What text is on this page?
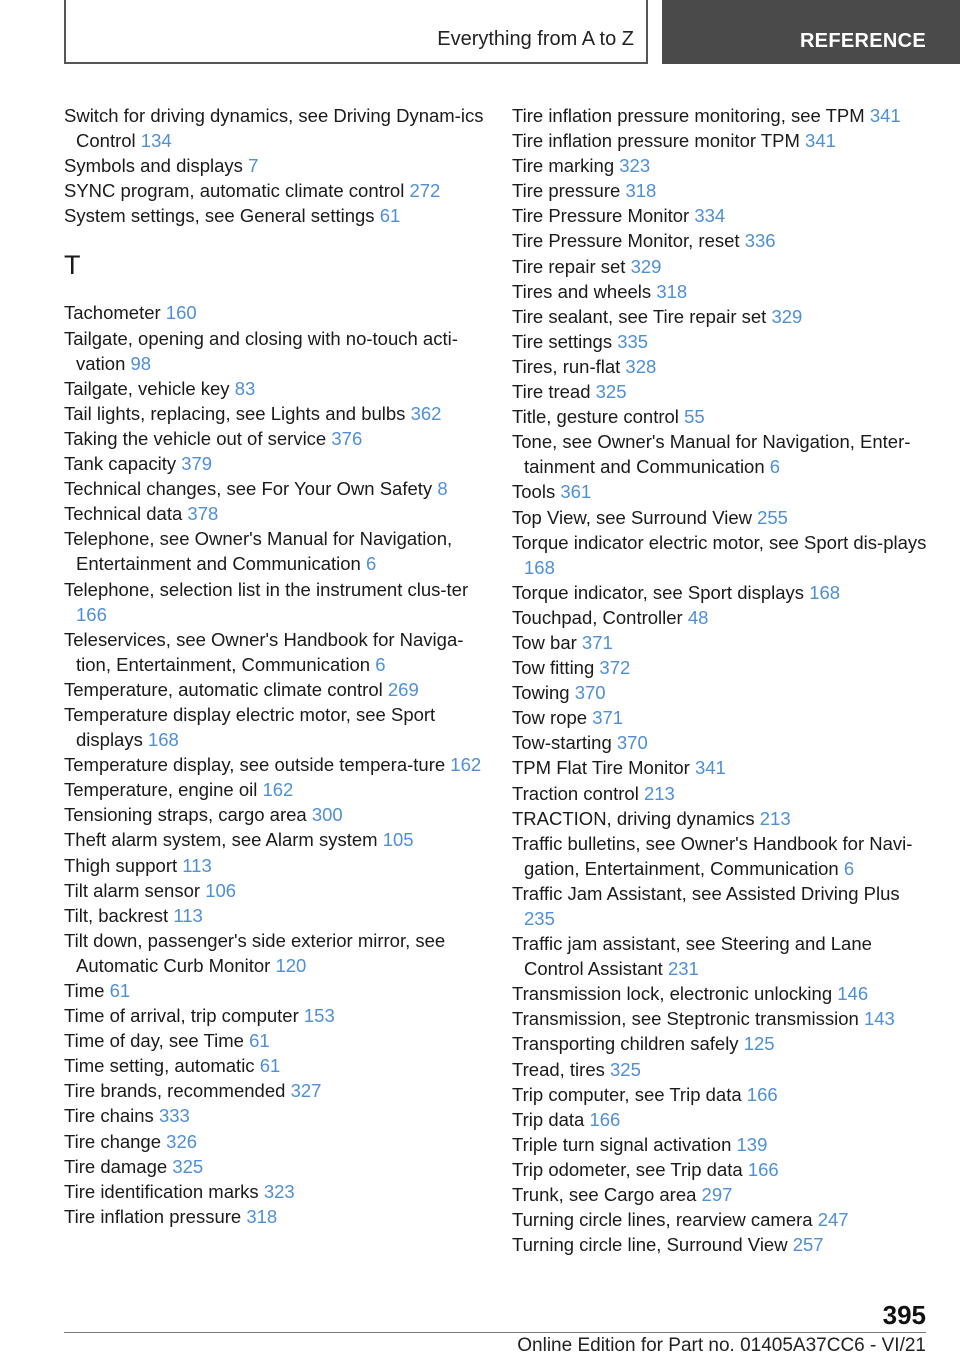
Everything from A to Z	REFERENCE

Switch for driving dynamics, see Driving Dynam-ics Control 134

Symbols and displays 7

SYNC program, automatic climate control 272

System settings, see General settings 61

T

Tachometer 160

Tailgate, opening and closing with no-touch acti-vation 98

Tailgate, vehicle key 83

Tail lights, replacing, see Lights and bulbs 362

Taking the vehicle out of service 376

Tank capacity 379

Technical changes, see For Your Own Safety 8

Technical data 378

Telephone, see Owner's Manual for Navigation, Entertainment and Communication 6

Telephone, selection list in the instrument clus-ter 166

Teleservices, see Owner's Handbook for Naviga-tion, Entertainment, Communication 6

Temperature, automatic climate control 269

Temperature display electric motor, see Sport displays 168

Temperature display, see outside tempera-ture 162

Temperature, engine oil 162

Tensioning straps, cargo area 300

Theft alarm system, see Alarm system 105

Thigh support 113

Tilt alarm sensor 106

Tilt, backrest 113

Tilt down, passenger's side exterior mirror, see Automatic Curb Monitor 120

Time 61

Time of arrival, trip computer 153

Time of day, see Time 61

Time setting, automatic 61

Tire brands, recommended 327

Tire chains 333

Tire change 326

Tire damage 325

Tire identification marks 323

Tire inflation pressure 318

Tire inflation pressure monitoring, see TPM 341

Tire inflation pressure monitor TPM 341

Tire marking 323

Tire pressure 318

Tire Pressure Monitor 334

Tire Pressure Monitor, reset 336

Tire repair set 329

Tires and wheels 318

Tire sealant, see Tire repair set 329

Tire settings 335

Tires, run-flat 328

Tire tread 325

Title, gesture control 55

Tone, see Owner's Manual for Navigation, Enter-tainment and Communication 6

Tools 361

Top View, see Surround View 255

Torque indicator electric motor, see Sport dis-plays 168

Torque indicator, see Sport displays 168

Touchpad, Controller 48

Tow bar 371

Tow fitting 372

Towing 370

Tow rope 371

Tow-starting 370

TPM Flat Tire Monitor 341

Traction control 213

TRACTION, driving dynamics 213

Traffic bulletins, see Owner's Handbook for Navi-gation, Entertainment, Communication 6

Traffic Jam Assistant, see Assisted Driving Plus 235

Traffic jam assistant, see Steering and Lane Control Assistant 231

Transmission lock, electronic unlocking 146

Transmission, see Steptronic transmission 143

Transporting children safely 125

Tread, tires 325

Trip computer, see Trip data 166

Trip data 166

Triple turn signal activation 139

Trip odometer, see Trip data 166

Trunk, see Cargo area 297

Turning circle lines, rearview camera 247

Turning circle line, Surround View 257

395
Online Edition for Part no. 01405A37CC6 - VI/21
